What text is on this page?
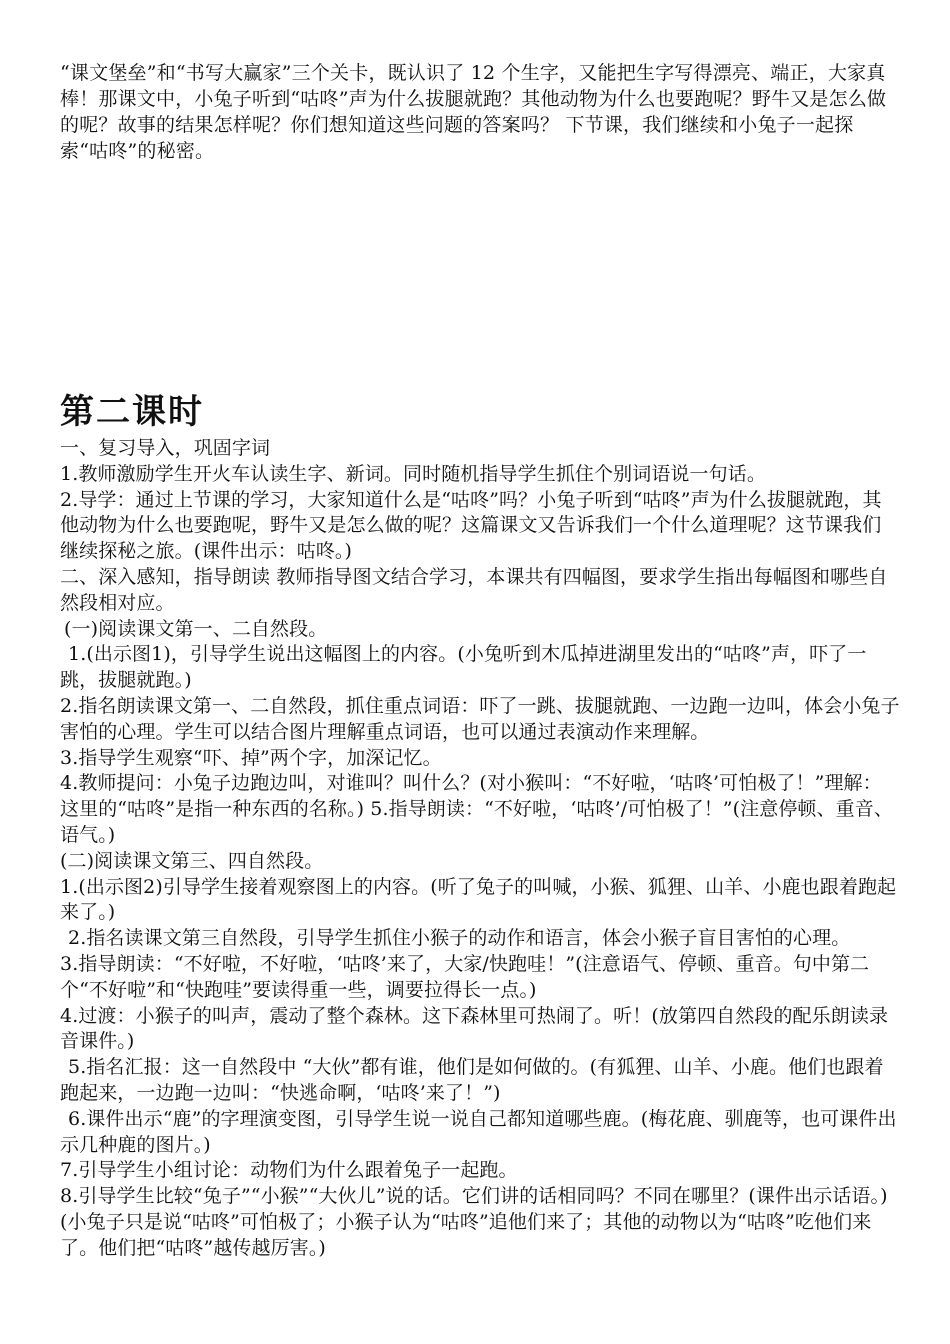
“课文堡垒”和“书写大赢家”三个关卡，既认识了 12 个生字，又能把生字写得漂亮、端正，大家真棒！那课文中，小兔子听到“咕咚”声为什么拔腿就跑？其他动物为什么也要跑呢？野牛又是怎么做的呢？故事的结果怎样呢？你们想知道这些问题的答案吗？ 下节课，我们继续和小兔子一起探索“咕咚”的秘密。

第二课时

一、复习导入，巩固字词

1.教师激励学生开火车认读生字、新词。同时随机指导学生抓住个别词语说一句话。

2.导学：通过上节课的学习，大家知道什么是“咕咚”吗？小兔子听到“咕咚”声为什么拔腿就跑，其他动物为什么也要跑呢，野牛又是怎么做的呢？这篇课文又告诉我们一个什么道理呢？这节课我们继续探秘之旅。(课件出示：咕咚。)

二、深入感知，指导朗读 教师指导图文结合学习，本课共有四幅图，要求学生指出每幅图和哪些自然段相对应。

(一)阅读课文第一、二自然段。

1.(出示图1)，引导学生说出这幅图上的内容。(小兔听到木瓜掉进湖里发出的“咕咚”声，吓了一跳，拔腿就跑。)

2.指名朗读课文第一、二自然段，抓住重点词语：吓了一跳、拔腿就跑、一边跑一边叫，体会小兔子害怕的心理。学生可以结合图片理解重点词语，也可以通过表演动作来理解。

3.指导学生观察“吓、掉”两个字，加深记忆。

4.教师提问：小兔子边跑边叫，对谁叫？叫什么？(对小猴叫：“不好啦，‘咕咚’可怕极了！”理解：这里的“咕咚”是指一种东西的名称。) 5.指导朗读：“不好啦，‘咕咚’/可怕极了！”(注意停顿、重音、语气。)

(二)阅读课文第三、四自然段。

1.(出示图2)引导学生接着观察图上的内容。(听了兔子的叫喊，小猴、狐狸、山羊、小鹿也跟着跑起来了。)

2.指名读课文第三自然段，引导学生抓住小猴子的动作和语言，体会小猴子盲目害怕的心理。

3.指导朗读：“不好啦，不好啦，‘咕咚’来了，大家/快跑哇！”(注意语气、停顿、重音。句中第二个“不好啦”和“快跑哇”要读得重一些，调要拉得长一点。)

4.过渡：小猴子的叫声，震动了整个森林。这下森林里可热闹了。听！(放第四自然段的配乐朗读录音课件。)

5.指名汇报：这一自然段中 “大伙”都有谁，他们是如何做的。(有狐狸、山羊、小鹿。他们也跟着跑起来，一边跑一边叫：“快逃命啊，‘咕咚’来了！”)

6.课件出示“鹿”的字理演变图，引导学生说一说自己都知道哪些鹿。(梅花鹿、驯鹿等，也可课件出示几种鹿的图片。)

7.引导学生小组讨论：动物们为什么跟着兔子一起跑。

8.引导学生比较“兔子”“小猴”“大伙儿”说的话。它们讲的话相同吗？不同在哪里？(课件出示话语。)(小兔子只是说“咕咚”可怕极了；小猴子认为“咕咚”追他们来了；其他的动物以为“咕咚”吃他们来了。他们把“咕咚”越传越厉害。)
